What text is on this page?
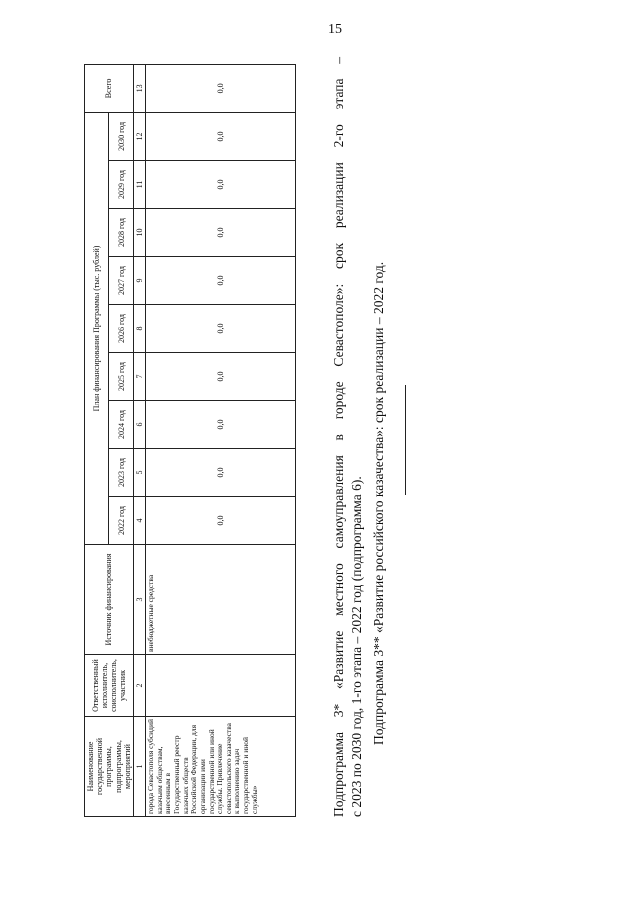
15
Наименование государственной программы, подпрограммы, мероприятий	Ответственный исполнитель, соисполнитель, участник	Источник финансирования	План финансирования Программы (тыс. рублей)									Всего
			2022 год	2023 год	2024 год	2025 год	2026 год	2027 год	2028 год	2029 год	2030 год	
1	2	3	4	5	6	7	8	9	10	11	12	13
города Севастополя субсидий казачьим обществам, внесенным в Государственный реестр казачьих обществ Российской Федерации, для организации ими государственной или иной службы. Привлечение севастопольского казачества к выполнению задач государственной и иной службы»		внебюджетные средства	0,0	0,0	0,0	0,0	0,0	0,0	0,0	0,0	0,0	0,0	Подпрограмма 3* «Развитие местного самоуправления в городе Севастополе»: срок реализации 2-го этапа – с 2023 по 2030 год, 1-го этапа – 2022 год (подпрограмма 6). Подпрограмма 3** «Развитие российского казачества»: срок реализации – 2022 год.
